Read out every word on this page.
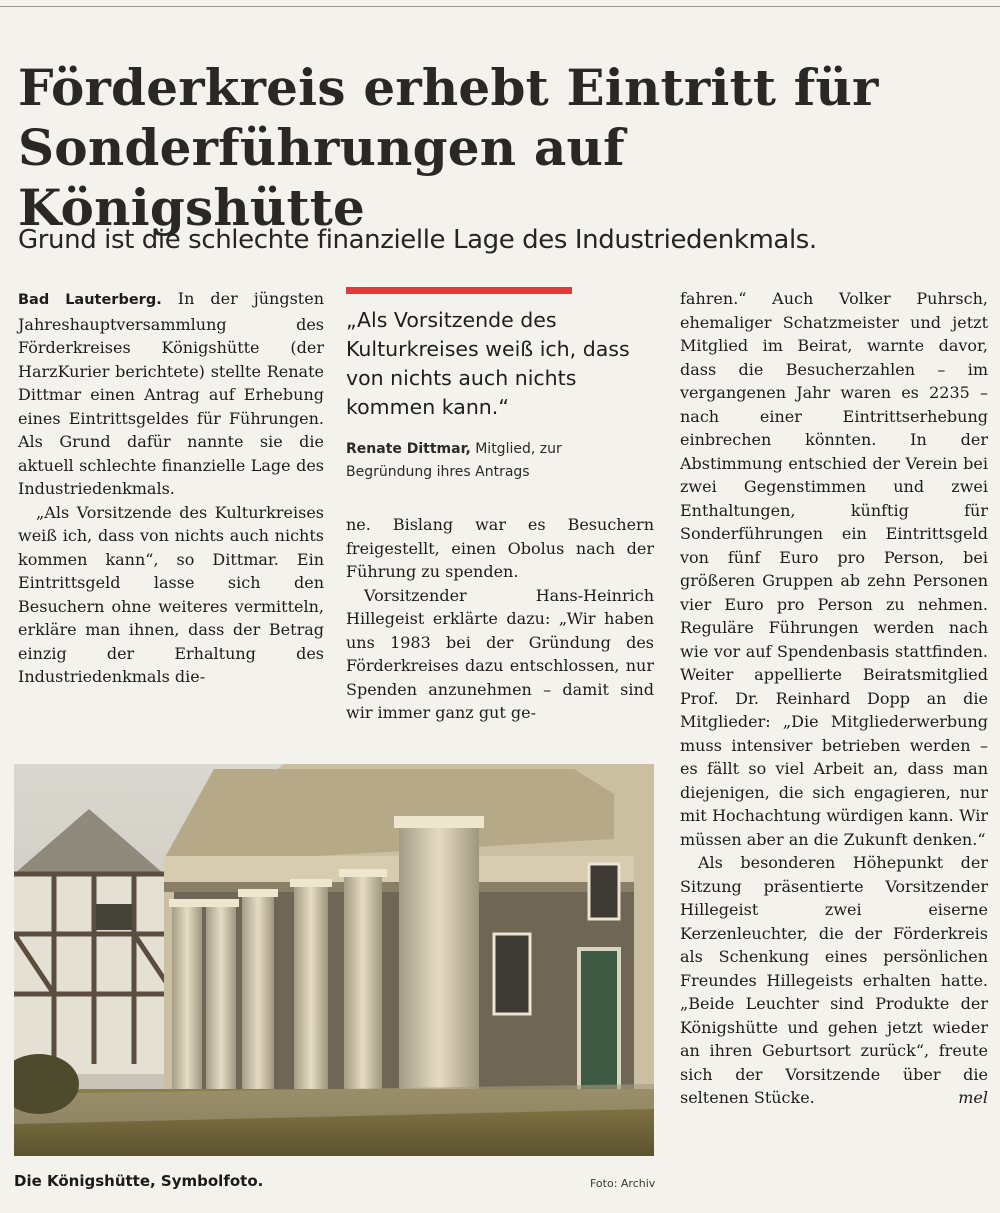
Förderkreis erhebt Eintritt für
Sonderführungen auf Königshütte
Grund ist die schlechte finanzielle Lage des Industriedenkmals.

Bad Lauterberg. In der jüngsten Jahreshauptversammlung des Förderkreises Königshütte (der HarzKurier berichtete) stellte Renate Dittmar einen Antrag auf Erhebung eines Eintrittsgeldes für Führungen. Als Grund dafür nannte sie die aktuell schlechte finanzielle Lage des Industriedenkmals.

„Als Vorsitzende des Kulturkreises weiß ich, dass von nichts auch nichts kommen kann“, so Dittmar. Ein Eintrittsgeld lasse sich den Besuchern ohne weiteres vermitteln, erkläre man ihnen, dass der Betrag einzig der Erhaltung des Industriedenkmals die-

„Als Vorsitzende des Kulturkreises weiß ich, dass von nichts auch nichts kommen kann.“
Renate Dittmar, Mitglied, zur Begründung ihres Antrags

ne. Bislang war es Besuchern freigestellt, einen Obolus nach der Führung zu spenden.

Vorsitzender Hans-Heinrich Hillegeist erklärte dazu: „Wir haben uns 1983 bei der Gründung des Förderkreises dazu entschlossen, nur Spenden anzunehmen – damit sind wir immer ganz gut ge-

fahren.“ Auch Volker Puhrsch, ehemaliger Schatzmeister und jetzt Mitglied im Beirat, warnte davor, dass die Besucherzahlen – im vergangenen Jahr waren es 2235 – nach einer Eintrittserhebung einbrechen könnten. In der Abstimmung entschied der Verein bei zwei Gegenstimmen und zwei Enthaltungen, künftig für Sonderführungen ein Eintrittsgeld von fünf Euro pro Person, bei größeren Gruppen ab zehn Personen vier Euro pro Person zu nehmen. Reguläre Führungen werden nach wie vor auf Spendenbasis stattfinden. Weiter appellierte Beiratsmitglied Prof. Dr. Reinhard Dopp an die Mitglieder: „Die Mitgliederwerbung muss intensiver betrieben werden – es fällt so viel Arbeit an, dass man diejenigen, die sich engagieren, nur mit Hochachtung würdigen kann. Wir müssen aber an die Zukunft denken.“

Als besonderen Höhepunkt der Sitzung präsentierte Vorsitzender Hillegeist zwei eiserne Kerzenleuchter, die der Förderkreis als Schenkung eines persönlichen Freundes Hillegeists erhalten hatte. „Beide Leuchter sind Produkte der Königshütte und gehen jetzt wieder an ihren Geburtsort zurück“, freute sich der Vorsitzende über die seltenen Stücke.	mel

Die Königshütte, Symbolfoto.	Foto: Archiv
